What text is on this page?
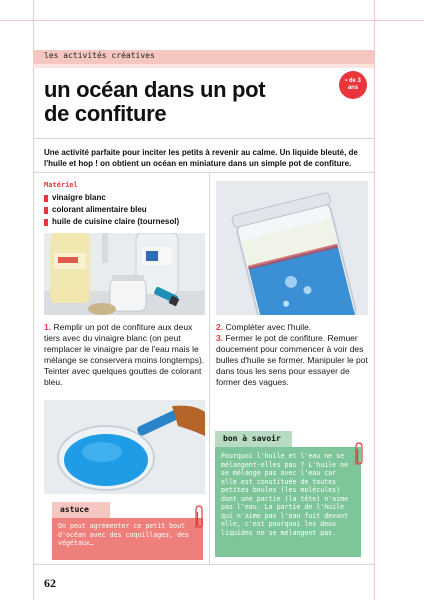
les activités créatives
• de 3
ans
un océan dans un pot
de confiture

Une activité parfaite pour inciter les petits à revenir au calme. Un liquide bleuté, de l'huile et hop ! on obtient un océan en miniature dans un simple pot de confiture.

Matériel
vinaigre blanc
colorant alimentaire bleu
huile de cuisine claire (tournesol)
1. Remplir un pot de confiture aux deux tiers avec du vinaigre blanc (on peut remplacer le vinaigre par de l'eau mais le mélange se conservera moins longtemps). Teinter avec quelques gouttes de colorant bleu.
2. Compléter avec l'huile.
3. Fermer le pot de confiture. Remuer doucement pour commencer à voir des bulles d'huile se former. Manipuler le pot dans tous les sens pour essayer de former des vagues.
bon à savoir
Pourquoi l'huile et l'eau ne se mélangent-elles pas ? L'huile ne se mélange pas avec l'eau car elle est constituée de toutes petites boules (les molécules) dont une partie (la tête) n'aime pas l'eau. La partie de l'huile qui n'aime pas l'eau fuit devant elle, c'est pourquoi les deux liquides ne se mélangent pas.
astuce
On peut agrémenter ce petit bout d'océan avec des coquillages, des végétaux…
62
